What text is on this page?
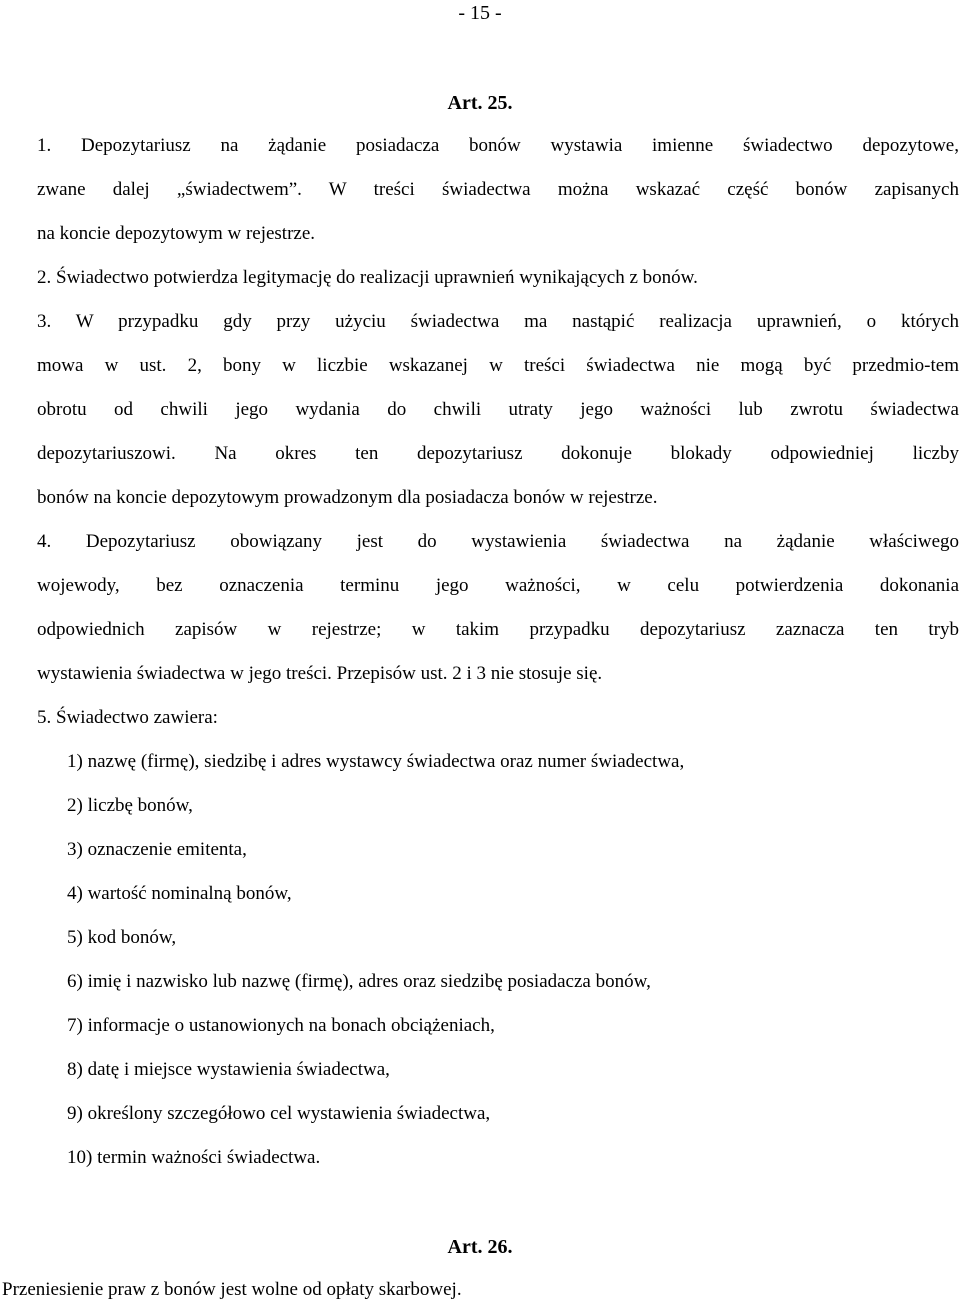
- 15 -
Art. 25.
1. Depozytariusz na żądanie posiadacza bonów wystawia imienne świadectwo depozytowe,
zwane dalej „świadectwem”. W treści świadectwa można wskazać część bonów zapisanych
na koncie depozytowym w rejestrze.
2. Świadectwo potwierdza legitymację do realizacji uprawnień wynikających z bonów.
3. W przypadku gdy przy użyciu świadectwa ma nastąpić realizacja uprawnień, o których
mowa w ust. 2, bony w liczbie wskazanej w treści świadectwa nie mogą być przedmio-tem
obrotu od chwili jego wydania do chwili utraty jego ważności lub zwrotu świadectwa
depozytariuszowi. Na okres ten depozytariusz dokonuje blokady odpowiedniej liczby
bonów na koncie depozytowym prowadzonym dla posiadacza bonów w rejestrze.
4. Depozytariusz obowiązany jest do wystawienia świadectwa na żądanie właściwego
wojewody, bez oznaczenia terminu jego ważności, w celu potwierdzenia dokonania
odpowiednich zapisów w rejestrze; w takim przypadku depozytariusz zaznacza ten tryb
wystawienia świadectwa w jego treści. Przepisów ust. 2 i 3 nie stosuje się.
5. Świadectwo zawiera:
1) nazwę (firmę), siedzibę i adres wystawcy świadectwa oraz numer świadectwa,
2) liczbę bonów,
3) oznaczenie emitenta,
4) wartość nominalną bonów,
5) kod bonów,
6) imię i nazwisko lub nazwę (firmę), adres oraz siedzibę posiadacza bonów,
7) informacje o ustanowionych na bonach obciążeniach,
8) datę i miejsce wystawienia świadectwa,
9) określony szczegółowo cel wystawienia świadectwa,
10) termin ważności świadectwa.
Art. 26.
Przeniesienie praw z bonów jest wolne od opłaty skarbowej.
